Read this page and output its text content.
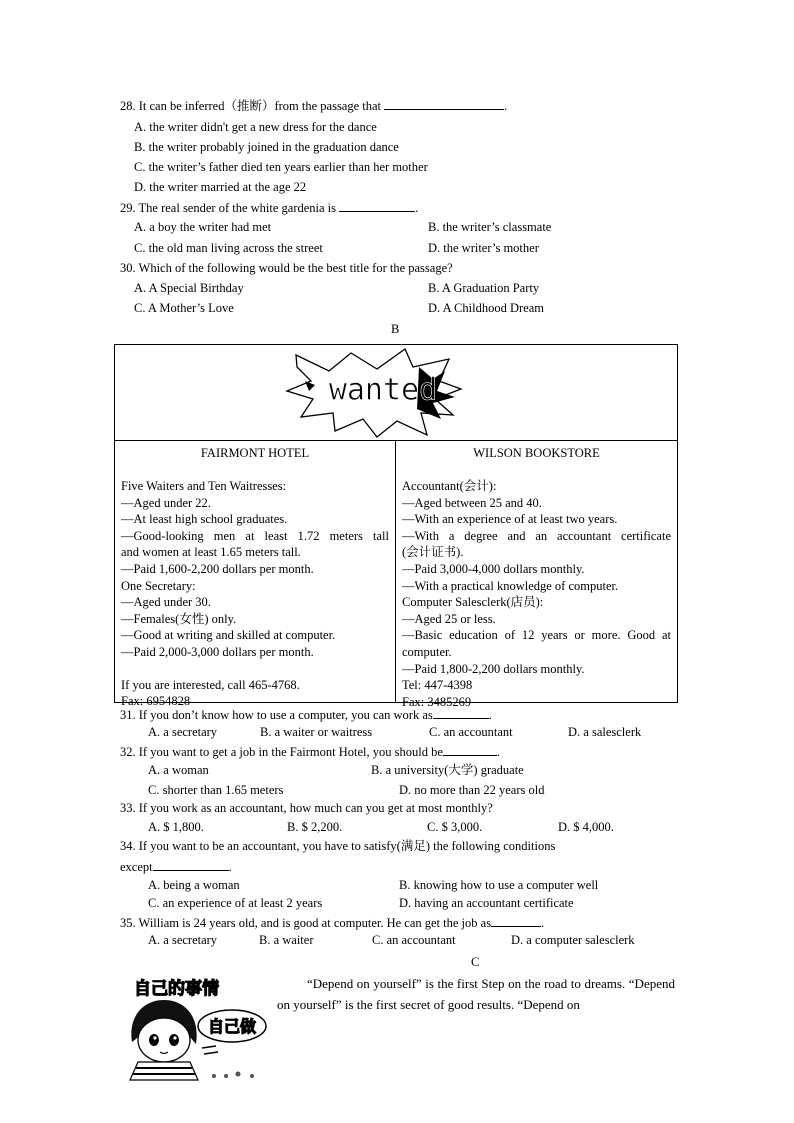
28. It can be inferred（推断）from the passage that	.
A. the writer didn't get a new dress for the dance
B. the writer probably joined in the graduation dance
C. the writer’s father died ten years earlier than her mother
D. the writer married at the age 22
29. The real sender of the white gardenia is	.
A. a boy the writer had met	B. the writer’s classmate
C. the old man living across the street	D. the writer’s mother
30. Which of the following would be the best title for the passage?
A. A Special Birthday	B. A Graduation Party
C. A Mother’s Love	D. A Childhood Dream
B
wanted
FAIRMONT HOTEL
Five Waiters and Ten Waitresses:
—Aged under 22.
—At least high school graduates.
—Good-looking men at least 1.72 meters tall
and women at least 1.65 meters tall.
—Paid 1,600-2,200 dollars per month.
One Secretary:
—Aged under 30.
—Females(女性) only.
—Good at writing and skilled at computer.
—Paid 2,000-3,000 dollars per month.
If you are interested, call 465-4768.
Fax: 6954828
WILSON BOOKSTORE
Accountant(会计):
—Aged between 25 and 40.
—With an experience of at least two years.
—With a degree and an accountant certificate
(会计证书).
—Paid 3,000-4,000 dollars monthly.
—With a practical knowledge of computer.
Computer Salesclerk(店员):
—Aged 25 or less.
—Basic education of 12 years or more. Good at
computer.
—Paid 1,800-2,200 dollars monthly.
Tel: 447-4398
Fax: 3485269
31. If you don’t know how to use a computer, you can work as	.
A. a secretary	B. a waiter or waitress	C. an accountant	D. a salesclerk
32. If you want to get a job in the Fairmont Hotel, you should be	.
A. a woman	B. a university(大学) graduate
C. shorter than 1.65 meters	D. no more than 22 years old
33. If you work as an accountant, how much can you get at most monthly?
A. $ 1,800.	B. $ 2,200.	C. $ 3,000.	D. $ 4,000.
34. If you want to be an accountant, you have to satisfy(满足) the following conditions
except	.
A. being a woman	B. knowing how to use a computer well
C. an experience of at least 2 years	D. having an accountant certificate
35. William is 24 years old, and is good at computer. He can get the job as	.
A. a secretary	B. a waiter	C. an accountant	D. a computer salesclerk
C
自己的事情
自己做
“Depend on yourself” is the first Step on the road to dreams. “Depend on yourself” is the first secret of good results. “Depend on
